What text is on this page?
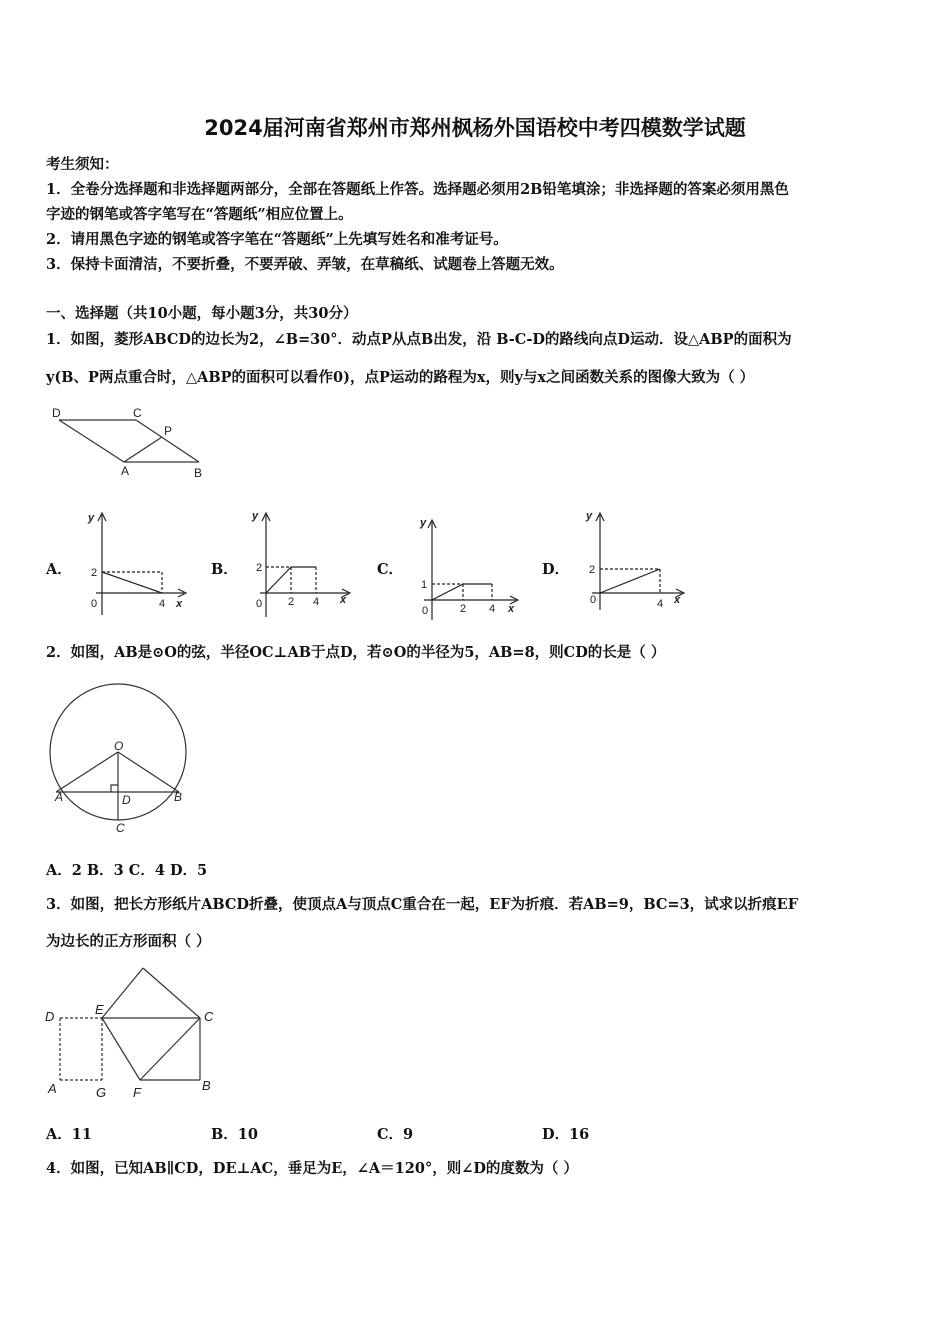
2024届河南省郑州市郑州枫杨外国语校中考四模数学试题
考生须知：
1．全卷分选择题和非选择题两部分，全部在答题纸上作答。选择题必须用2B铅笔填涂；非选择题的答案必须用黑色
字迹的钢笔或答字笔写在“答题纸”相应位置上。
2．请用黑色字迹的钢笔或答字笔在“答题纸”上先填写姓名和准考证号。
3．保持卡面清洁，不要折叠，不要弄破、弄皱，在草稿纸、试题卷上答题无效。
一、选择题（共10小题，每小题3分，共30分）
1．如图，菱形ABCD的边长为2，∠B=30°．动点P从点B出发，沿 B-C-D的路线向点D运动．设△ABP的面积为
y(B、P两点重合时，△ABP的面积可以看作0)，点P运动的路程为x，则y与x之间函数关系的图像大致为（ ）
D	C
P
A	B
A．
y
x
0
2
4
B．
y
x
0
2
2 4
C．
y
x
0
1
2 4
D．
y
x
0
2
4
2．如图，AB是⊙O的弦，半径OC⊥AB于点D，若⊙O的半径为5，AB=8，则CD的长是（ ）
O
A	D	B
C
A．2 B．3 C．4 D．5
3．如图，把长方形纸片ABCD折叠，使顶点A与顶点C重合在一起，EF为折痕．若AB=9，BC=3，试求以折痕EF
为边长的正方形面积（ ）
D	E	C
A	G F	B
A．11	B．10	C．9	D．16
4．如图，已知AB∥CD，DE⊥AC，垂足为E，∠A＝120°，则∠D的度数为（ ）
